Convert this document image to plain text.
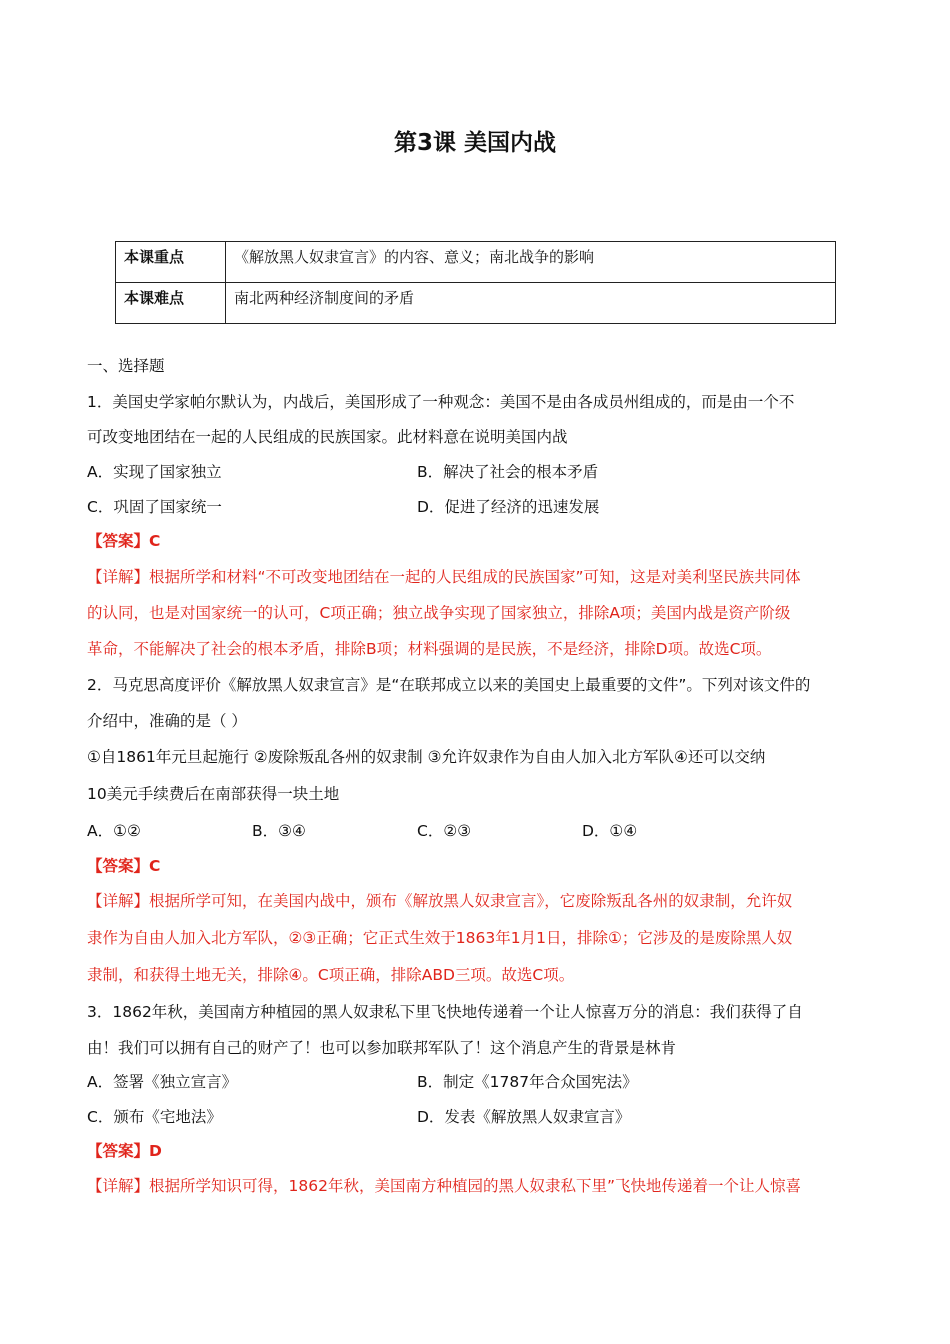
第3课 美国内战
本课重点	《解放黑人奴隶宣言》的内容、意义；南北战争的影响
本课难点	南北两种经济制度间的矛盾
一、选择题
1．美国史学家帕尔默认为，内战后，美国形成了一种观念：美国不是由各成员州组成的，而是由一个不
可改变地团结在一起的人民组成的民族国家。此材料意在说明美国内战
A．实现了国家独立	B．解决了社会的根本矛盾
C．巩固了国家统一	D．促进了经济的迅速发展
【答案】C
【详解】根据所学和材料“不可改变地团结在一起的人民组成的民族国家”可知，这是对美利坚民族共同体
的认同，也是对国家统一的认可，C项正确；独立战争实现了国家独立，排除A项；美国内战是资产阶级
革命，不能解决了社会的根本矛盾，排除B项；材料强调的是民族，不是经济，排除D项。故选C项。
2．马克思高度评价《解放黑人奴隶宣言》是“在联邦成立以来的美国史上最重要的文件”。下列对该文件的
介绍中，准确的是（ ）
①自1861年元旦起施行 ②废除叛乱各州的奴隶制 ③允许奴隶作为自由人加入北方军队④还可以交纳
10美元手续费后在南部获得一块土地
A．①②	B．③④	C．②③	D．①④
【答案】C
【详解】根据所学可知，在美国内战中，颁布《解放黑人奴隶宣言》，它废除叛乱各州的奴隶制，允许奴
隶作为自由人加入北方军队，②③正确；它正式生效于1863年1月1日，排除①；它涉及的是废除黑人奴
隶制，和获得土地无关，排除④。C项正确，排除ABD三项。故选C项。
3．1862年秋，美国南方种植园的黑人奴隶私下里飞快地传递着一个让人惊喜万分的消息：我们获得了自
由！我们可以拥有自己的财产了！也可以参加联邦军队了！这个消息产生的背景是林肯
A．签署《独立宣言》	B．制定《1787年合众国宪法》
C．颁布《宅地法》	D．发表《解放黑人奴隶宣言》
【答案】D
【详解】根据所学知识可得，1862年秋，美国南方种植园的黑人奴隶私下里”飞快地传递着一个让人惊喜
